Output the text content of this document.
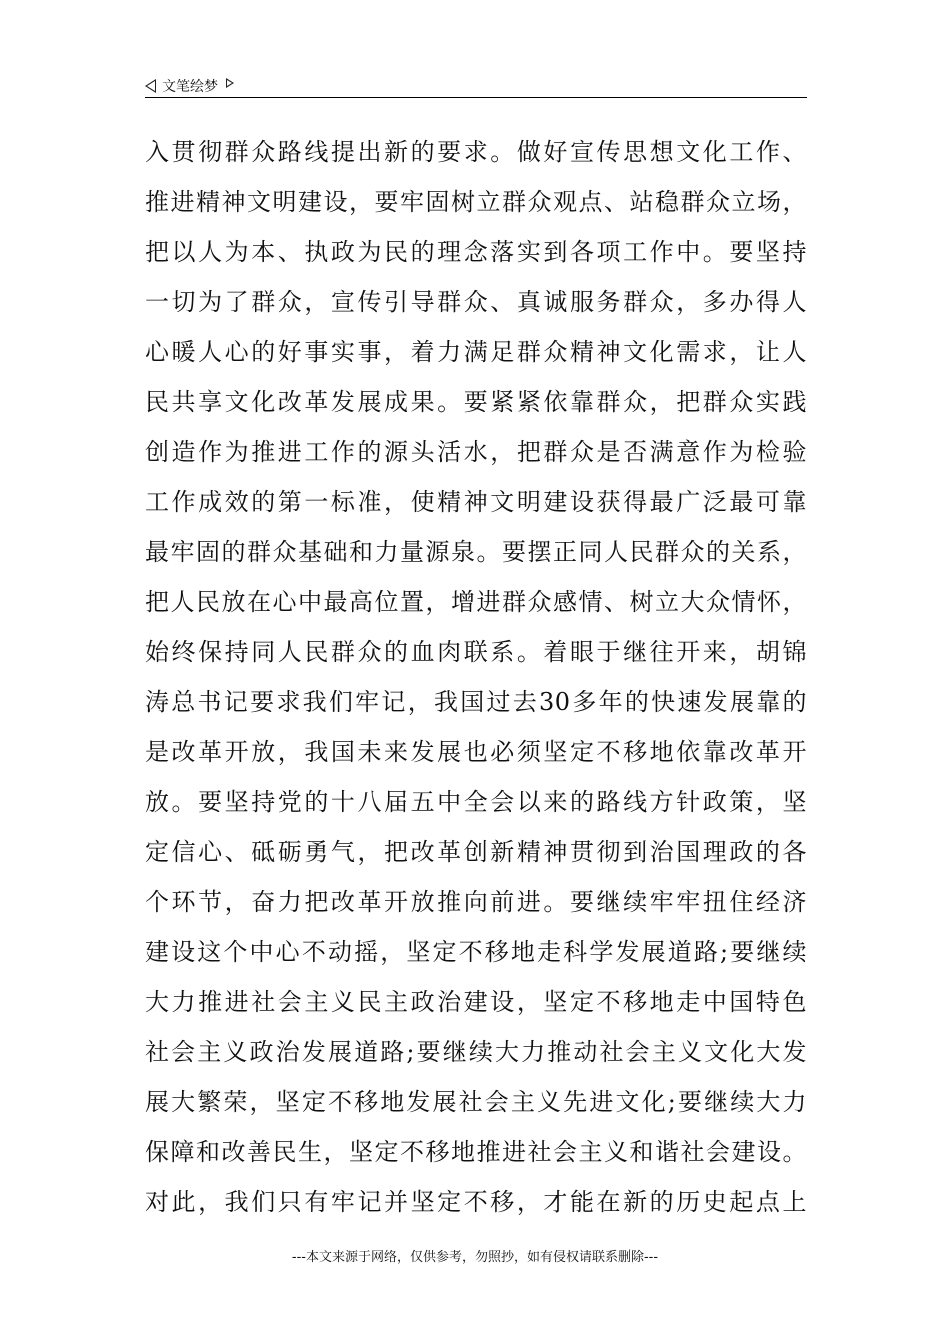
文笔绘梦
入贯彻群众路线提出新的要求。做好宣传思想文化工作、
推进精神文明建设，要牢固树立群众观点、站稳群众立场，
把以人为本、执政为民的理念落实到各项工作中。要坚持
一切为了群众，宣传引导群众、真诚服务群众，多办得人
心暖人心的好事实事，着力满足群众精神文化需求，让人
民共享文化改革发展成果。要紧紧依靠群众，把群众实践
创造作为推进工作的源头活水，把群众是否满意作为检验
工作成效的第一标准，使精神文明建设获得最广泛最可靠
最牢固的群众基础和力量源泉。要摆正同人民群众的关系，
把人民放在心中最高位置，增进群众感情、树立大众情怀，
始终保持同人民群众的血肉联系。着眼于继往开来，胡锦
涛总书记要求我们牢记，我国过去30多年的快速发展靠的
是改革开放，我国未来发展也必须坚定不移地依靠改革开
放。要坚持党的十八届五中全会以来的路线方针政策，坚
定信心、砥砺勇气，把改革创新精神贯彻到治国理政的各
个环节，奋力把改革开放推向前进。要继续牢牢扭住经济
建设这个中心不动摇，坚定不移地走科学发展道路;要继续
大力推进社会主义民主政治建设，坚定不移地走中国特色
社会主义政治发展道路;要继续大力推动社会主义文化大发
展大繁荣，坚定不移地发展社会主义先进文化;要继续大力
保障和改善民生，坚定不移地推进社会主义和谐社会建设。
对此，我们只有牢记并坚定不移，才能在新的历史起点上
---本文来源于网络，仅供参考，勿照抄，如有侵权请联系删除---
